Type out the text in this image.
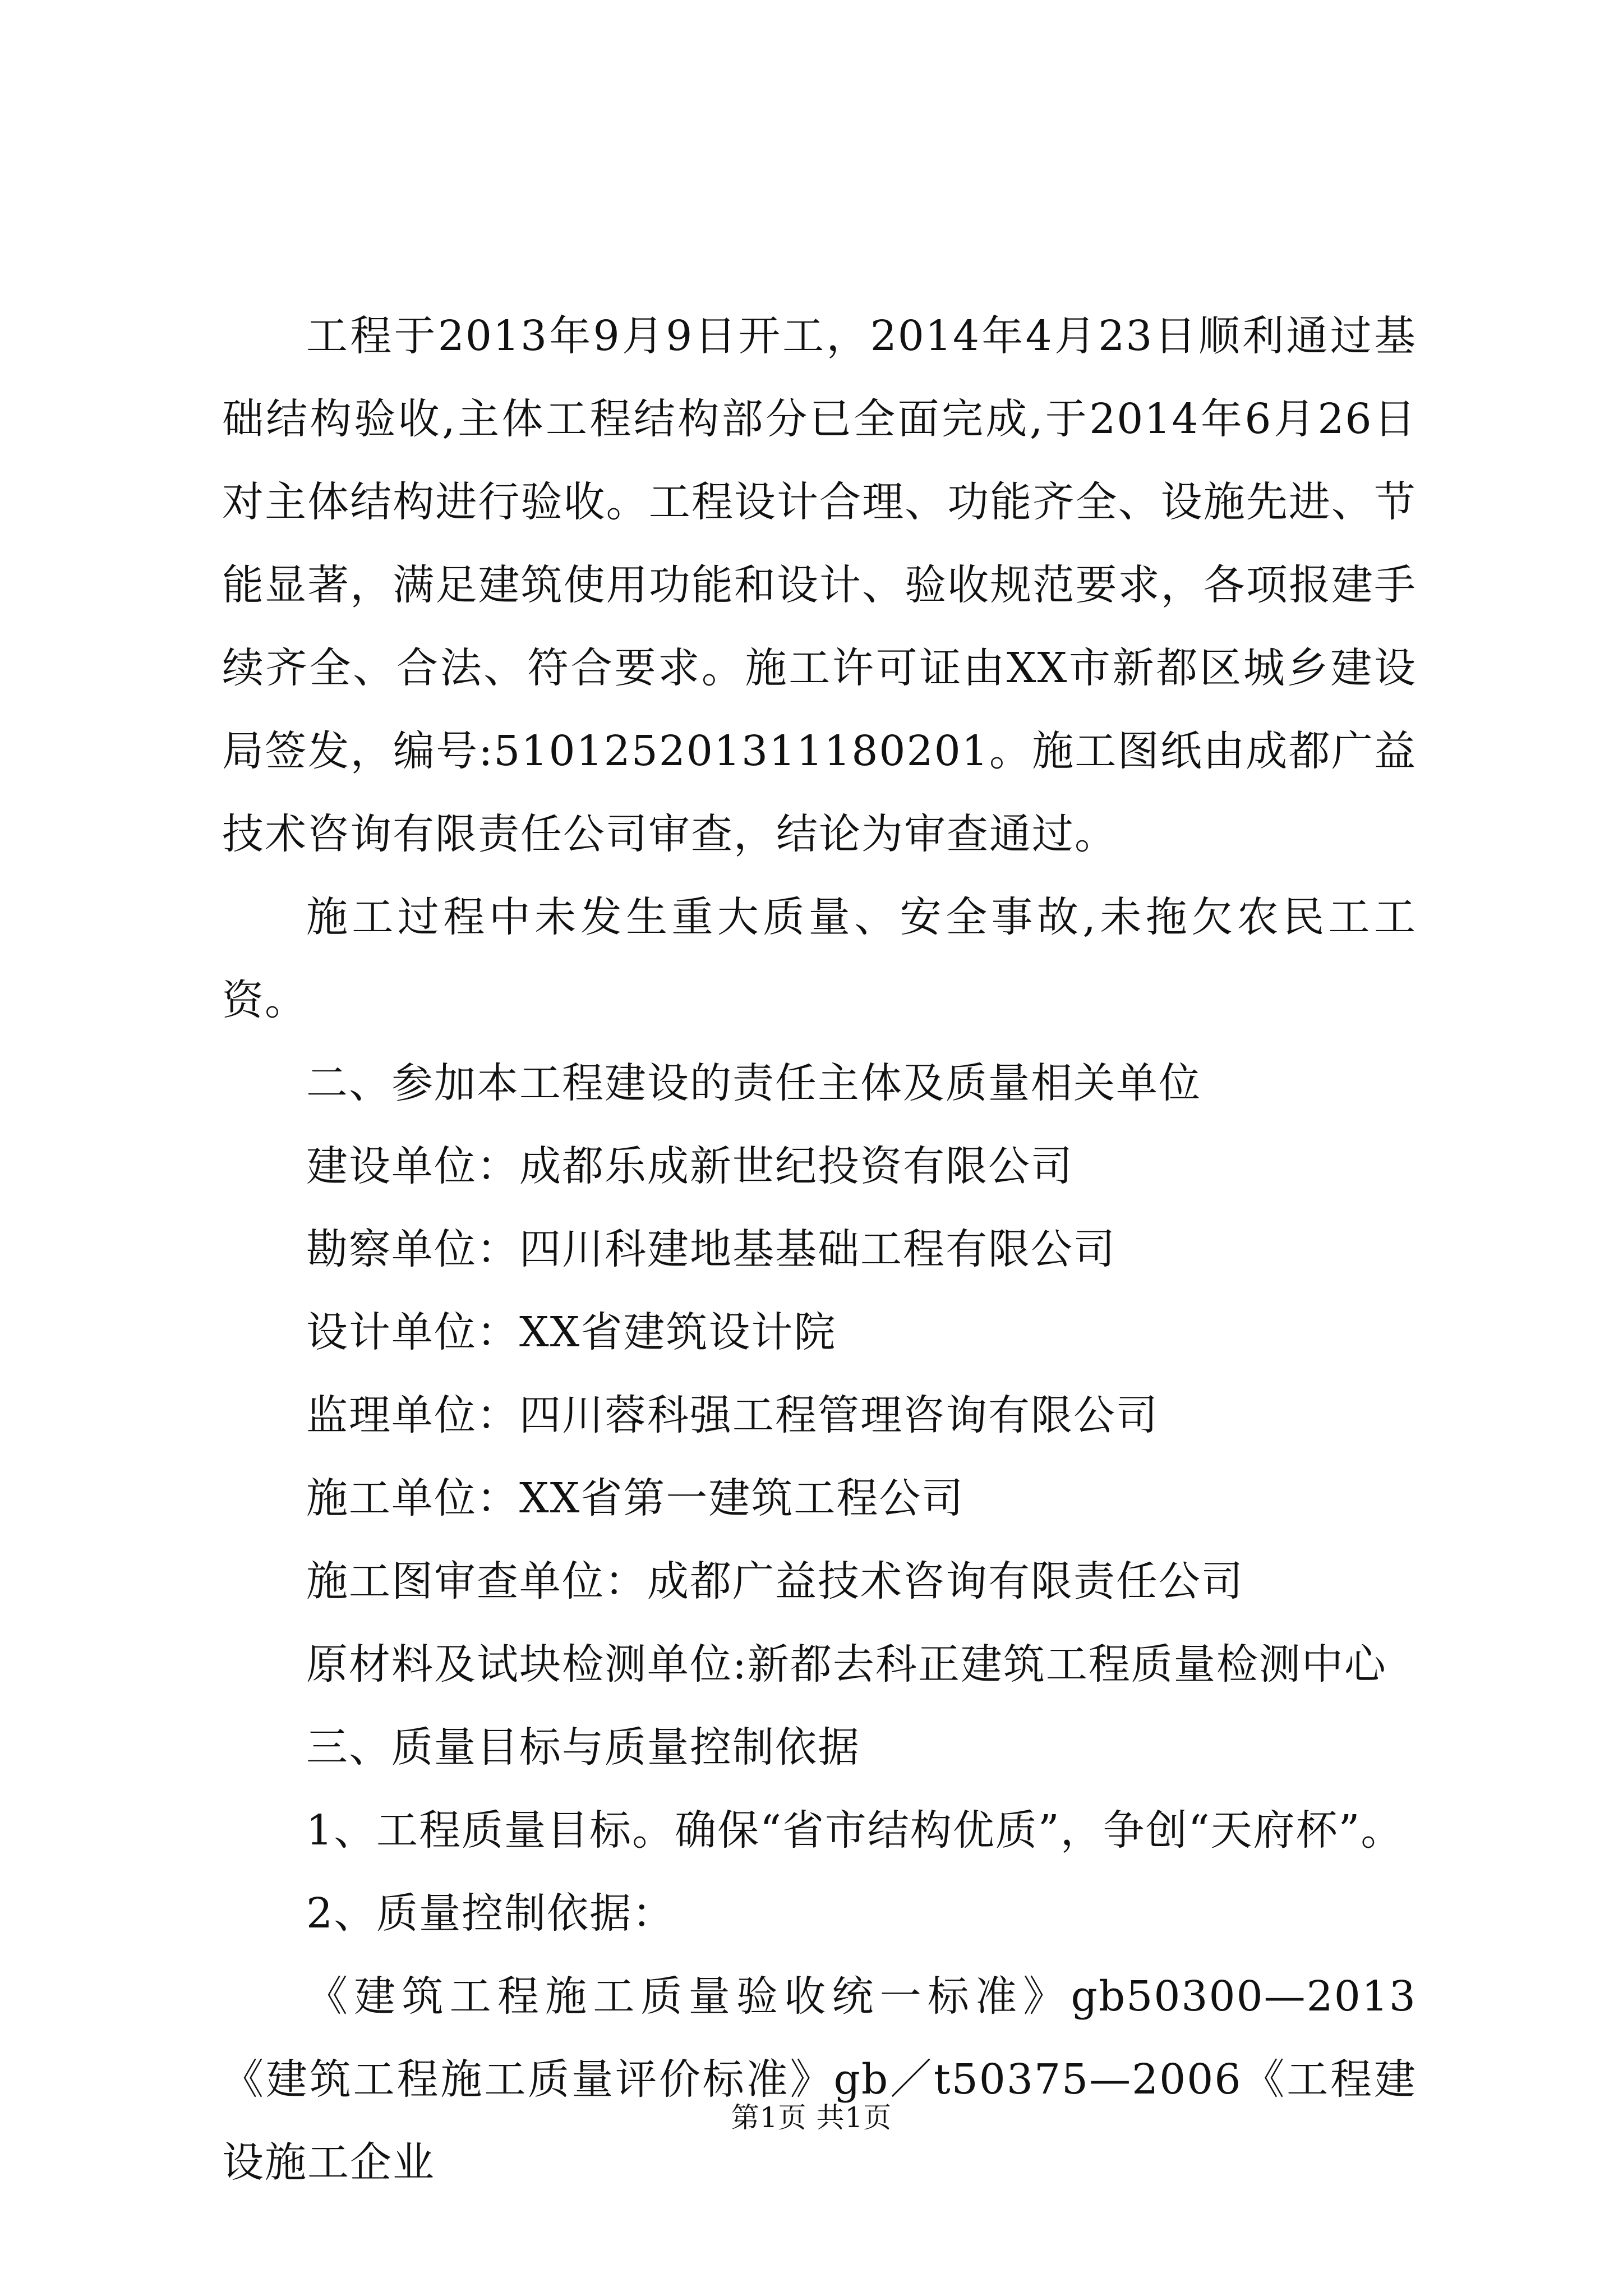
工程于2013年9月9日开工，2014年4月23日顺利通过基础结构验收,主体工程结构部分已全面完成,于2014年6月26日对主体结构进行验收。工程设计合理、功能齐全、设施先进、节能显著，满足建筑使用功能和设计、验收规范要求，各项报建手续齐全、合法、符合要求。施工许可证由XX市新都区城乡建设局签发，编号:510125201311180201。施工图纸由成都广益技术咨询有限责任公司审查，结论为审查通过。

施工过程中未发生重大质量、安全事故,未拖欠农民工工资。

二、参加本工程建设的责任主体及质量相关单位

建设单位：成都乐成新世纪投资有限公司

勘察单位：四川科建地基基础工程有限公司

设计单位：XX省建筑设计院

监理单位：四川蓉科强工程管理咨询有限公司

施工单位：XX省第一建筑工程公司

施工图审查单位：成都广益技术咨询有限责任公司

原材料及试块检测单位:新都去科正建筑工程质量检测中心

三、质量目标与质量控制依据

1、工程质量目标。确保“省市结构优质”，争创“天府杯”。

2、质量控制依据：

《建筑工程施工质量验收统一标准》gb50300—2013《建筑工程施工质量评价标准》gb／t50375—2006《工程建设施工企业

第1页 共1页
